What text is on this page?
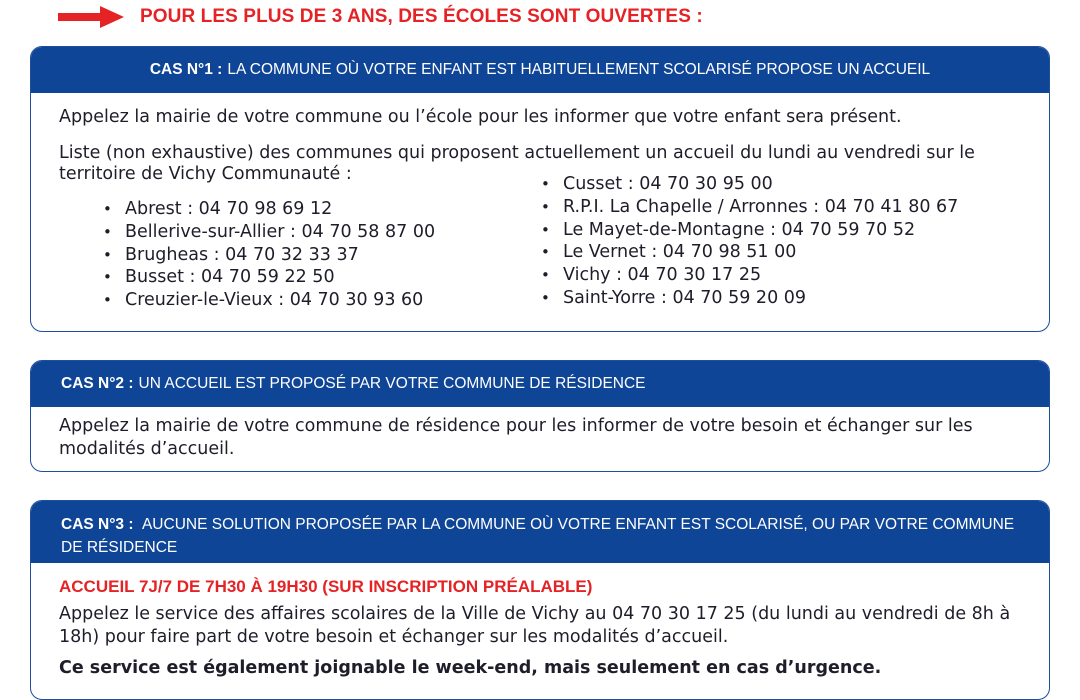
POUR LES PLUS DE 3 ANS, DES ÉCOLES SONT OUVERTES :
CAS N°1 : LA COMMUNE OÙ VOTRE ENFANT EST HABITUELLEMENT SCOLARISÉ PROPOSE UN ACCUEIL
Appelez la mairie de votre commune ou l’école pour les informer que votre enfant sera présent.
Liste (non exhaustive) des communes qui proposent actuellement un accueil du lundi au vendredi sur le territoire de Vichy Communauté :
• Abrest : 04 70 98 69 12
• Bellerive-sur-Allier : 04 70 58 87 00
• Brugheas : 04 70 32 33 37
• Busset : 04 70 59 22 50
• Creuzier-le-Vieux : 04 70 30 93 60
• Cusset : 04 70 30 95 00
• R.P.I. La Chapelle / Arronnes : 04 70 41 80 67
• Le Mayet-de-Montagne : 04 70 59 70 52
• Le Vernet : 04 70 98 51 00
• Vichy : 04 70 30 17 25
• Saint-Yorre : 04 70 59 20 09
CAS N°2 : UN ACCUEIL EST PROPOSÉ PAR VOTRE COMMUNE DE RÉSIDENCE
Appelez la mairie de votre commune de résidence pour les informer de votre besoin et échanger sur les modalités d’accueil.
CAS N°3 : AUCUNE SOLUTION PROPOSÉE PAR LA COMMUNE OÙ VOTRE ENFANT EST SCOLARISÉ, OU PAR VOTRE COMMUNE DE RÉSIDENCE
ACCUEIL 7J/7 DE 7H30 À 19H30 (SUR INSCRIPTION PRÉALABLE)
Appelez le service des affaires scolaires de la Ville de Vichy au 04 70 30 17 25 (du lundi au vendredi de 8h à 18h) pour faire part de votre besoin et échanger sur les modalités d’accueil.
Ce service est également joignable le week-end, mais seulement en cas d’urgence.
